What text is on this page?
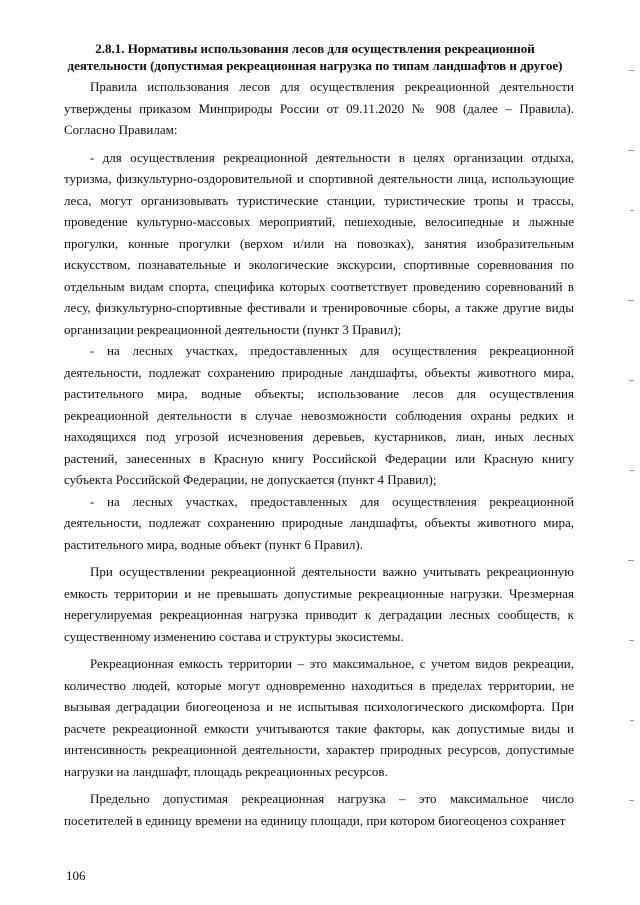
2.8.1. Нормативы использования лесов для осуществления рекреационной деятельности (допустимая рекреационная нагрузка по типам ландшафтов и другое)

Правила использования лесов для осуществления рекреационной деятельности утверждены приказом Минприроды России от 09.11.2020 № 908 (далее – Правила). Согласно Правилам:

- для осуществления рекреационной деятельности в целях организации отдыха, туризма, физкультурно-оздоровительной и спортивной деятельности лица, использующие леса, могут организовывать туристические станции, туристические тропы и трассы, проведение культурно-массовых мероприятий, пешеходные, велосипедные и лыжные прогулки, конные прогулки (верхом и/или на повозках), занятия изобразительным искусством, познавательные и экологические экскурсии, спортивные соревнования по отдельным видам спорта, специфика которых соответствует проведению соревнований в лесу, физкультурно-спортивные фестивали и тренировочные сборы, а также другие виды организации рекреационной деятельности (пункт 3 Правил);

- на лесных участках, предоставленных для осуществления рекреационной деятельности, подлежат сохранению природные ландшафты, объекты животного мира, растительного мира, водные объекты; использование лесов для осуществления рекреационной деятельности в случае невозможности соблюдения охраны редких и находящихся под угрозой исчезновения деревьев, кустарников, лиан, иных лесных растений, занесенных в Красную книгу Российской Федерации или Красную книгу субъекта Российской Федерации, не допускается (пункт 4 Правил);

- на лесных участках, предоставленных для осуществления рекреационной деятельности, подлежат сохранению природные ландшафты, объекты животного мира, растительного мира, водные объект (пункт 6 Правил).

При осуществлении рекреационной деятельности важно учитывать рекреационную емкость территории и не превышать допустимые рекреационные нагрузки. Чрезмерная нерегулируемая рекреационная нагрузка приводит к деградации лесных сообществ, к существенному изменению состава и структуры экосистемы.

Рекреационная емкость территории – это максимальное, с учетом видов рекреации, количество людей, которые могут одновременно находиться в пределах территории, не вызывая деградации биогеоценоза и не испытывая психологического дискомфорта. При расчете рекреационной емкости учитываются такие факторы, как допустимые виды и интенсивность рекреационной деятельности, характер природных ресурсов, допустимые нагрузки на ландшафт, площадь рекреационных ресурсов.

Предельно допустимая рекреационная нагрузка – это максимальное число посетителей в единицу времени на единицу площади, при котором биогеоценоз сохраняет

106
